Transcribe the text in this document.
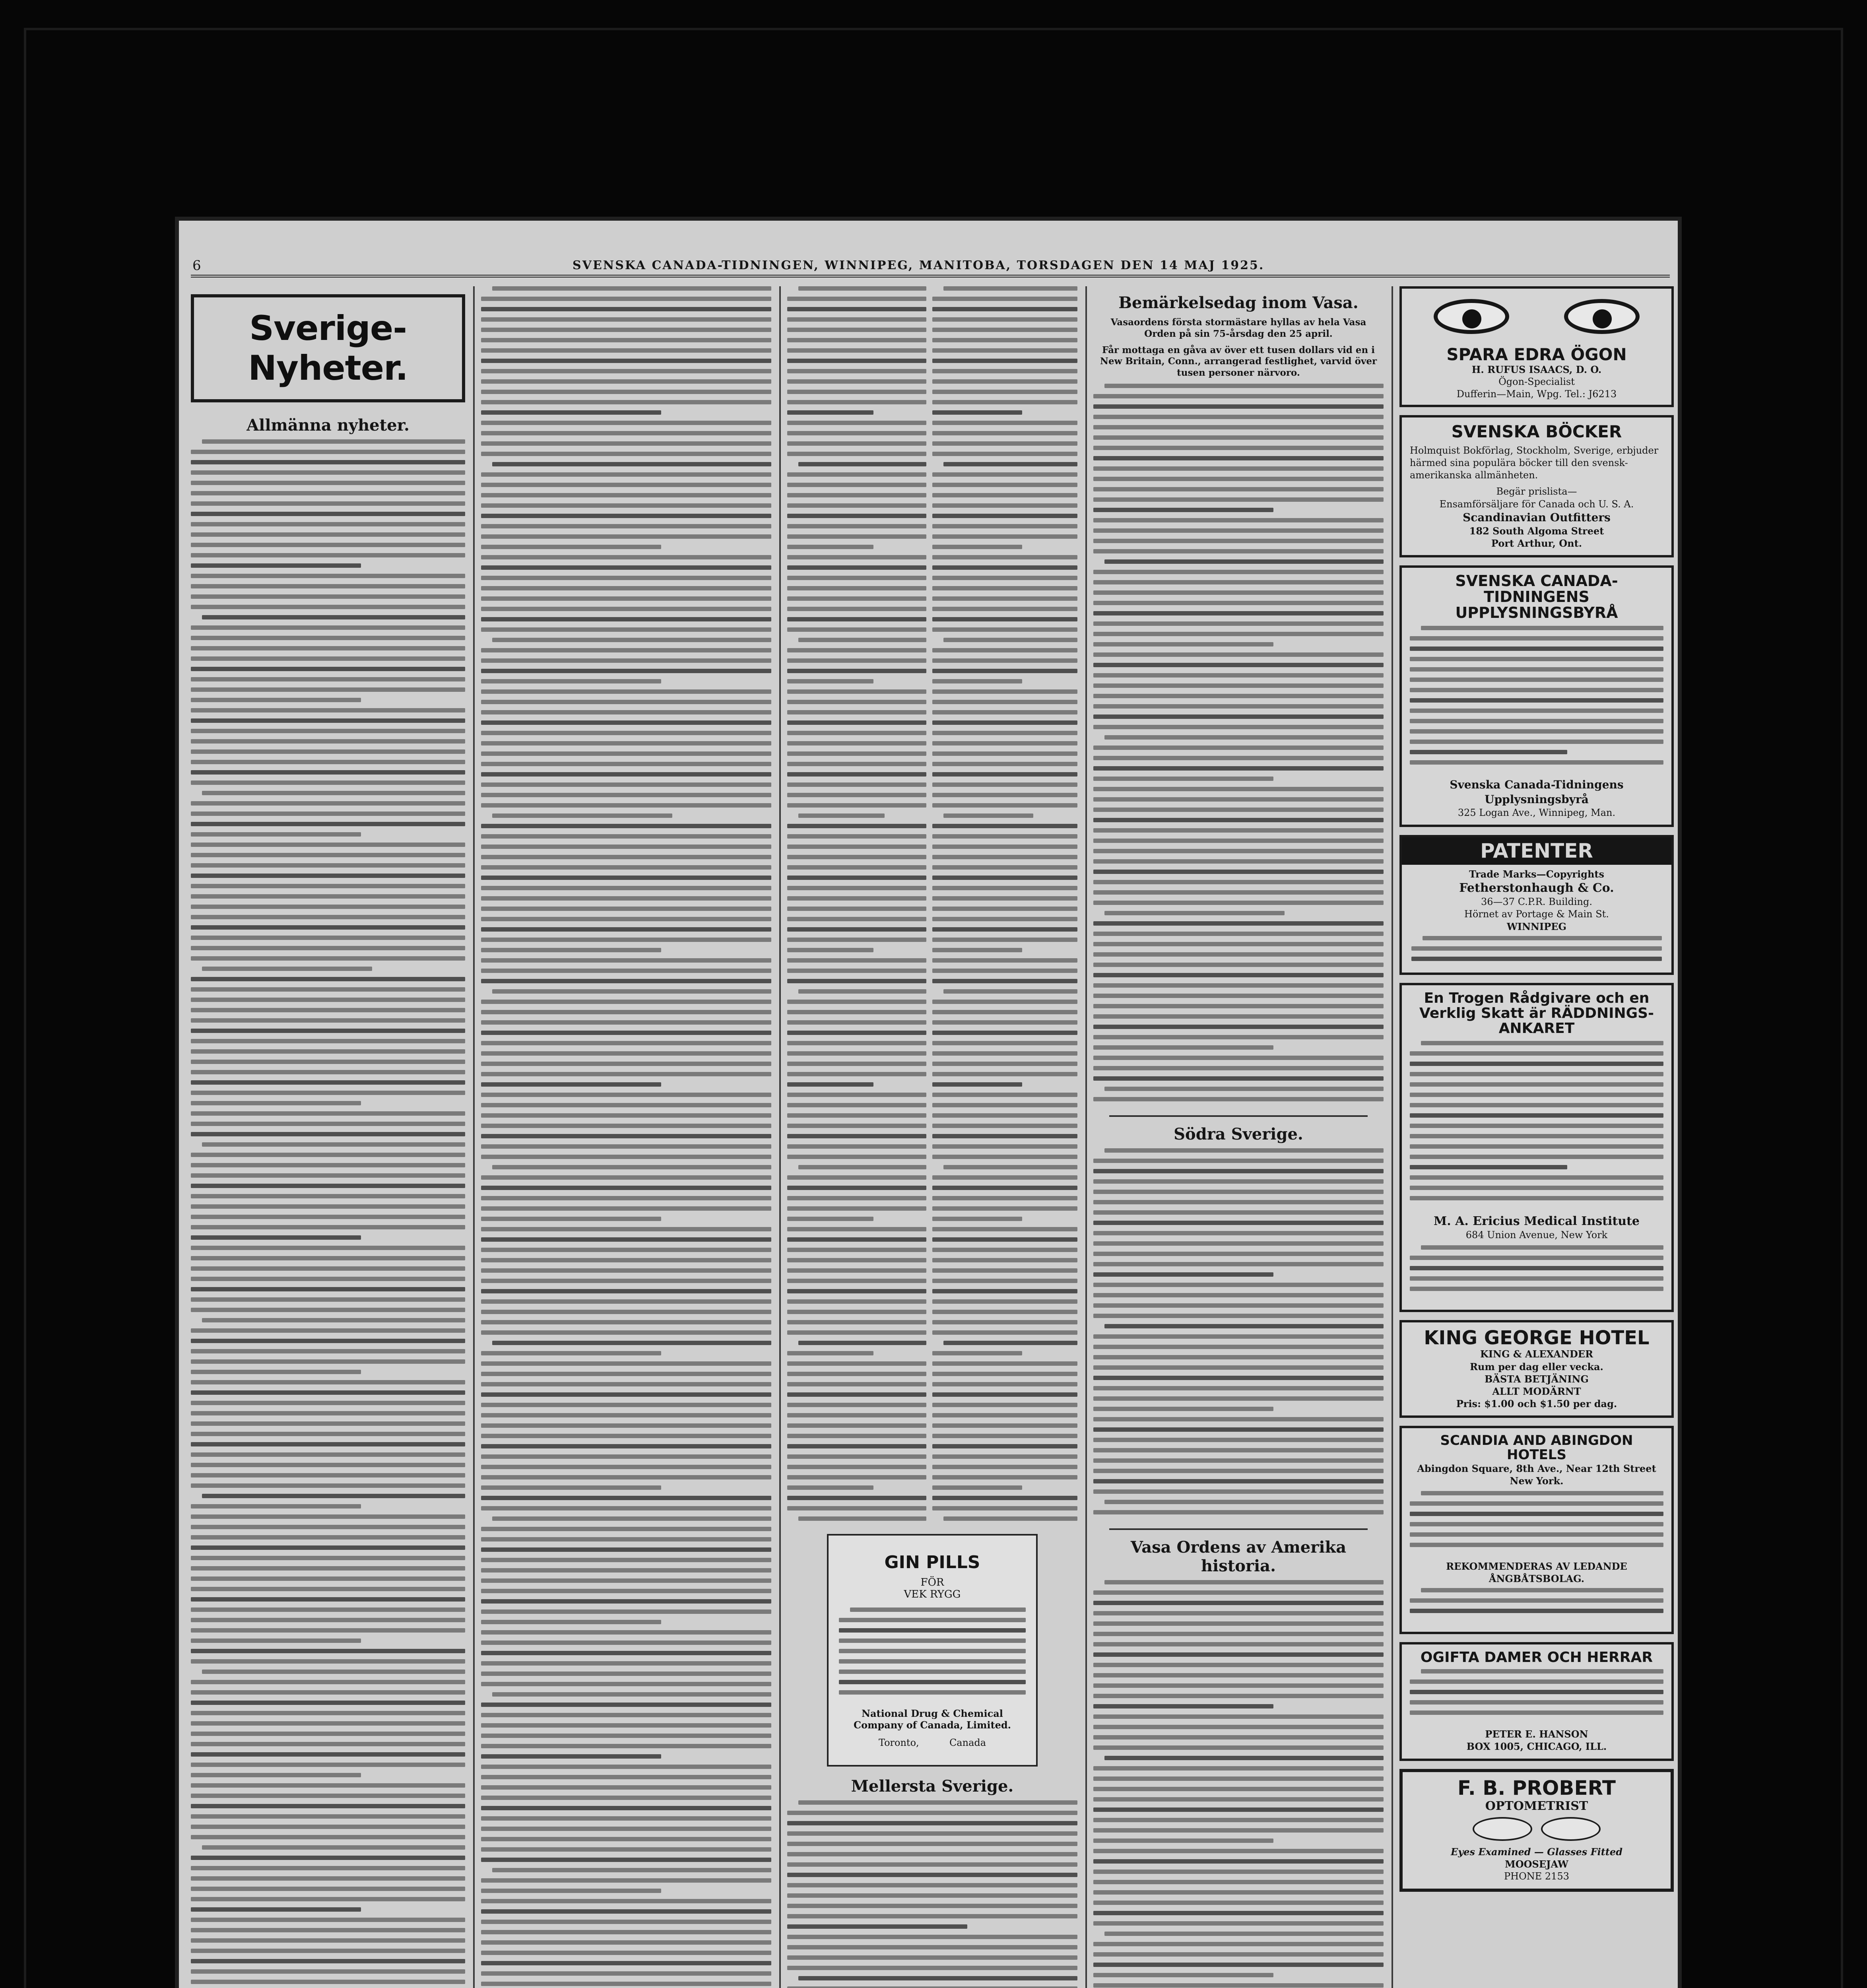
6	SVENSKA CANADA-TIDNINGEN, WINNIPEG, MANITOBA, TORSDAGEN DEN 14 MAJ 1925.
Sverige-Nyheter.
Allmänna nyheter.
GIN PILLS
FÖR
VEK RYGG
National Drug & Chemical Company of Canada, Limited.
Toronto,          Canada
Mellersta Sverige.
Bemärkelsedag inom Vasa.
Vasaordens första stormästare hyllas av hela Vasa Orden på sin 75-årsdag den 25 april.
Får mottaga en gåva av över ett tusen dollars vid en i New Britain, Conn., arrangerad festlighet, varvid över tusen personer närvoro.
Södra Sverige.
Vasa Ordens av Amerika historia.
SPARA EDRA ÖGON
H. RUFUS ISAACS, D. O.
Ögon-Specialist
Dufferin—Main, Wpg. Tel.: J6213
SVENSKA BÖCKER
Holmquist Bokförlag, Stockholm, Sverige, erbjuder härmed sina populära böcker till den svensk-amerikanska allmänheten.
Begär prislista—
Ensamförsäljare för Canada och U. S. A.
Scandinavian Outfitters
182 South Algoma Street
Port Arthur, Ont.
SVENSKA CANADA-TIDNINGENS UPPLYSNINGSBYRÅ
Svenska Canada-Tidningens Upplysningsbyrå
325 Logan Ave., Winnipeg, Man.
PATENTER
Trade Marks—Copyrights
Fetherstonhaugh & Co.
36—37 C.P.R. Building.
Hörnet av Portage & Main St.
WINNIPEG
En Trogen Rådgivare och en Verklig Skatt är RÄDDNINGS-ANKARET
M. A. Ericius Medical Institute
684 Union Avenue, New York
KING GEORGE HOTEL
KING & ALEXANDER
Rum per dag eller vecka.
BÄSTA BETJÄNING
ALLT MODÄRNT
Pris: $1.00 och $1.50 per dag.
SCANDIA AND ABINGDON HOTELS
Abingdon Square, 8th Ave., Near 12th Street New York.
REKOMMENDERAS AV LEDANDE ÅNGBÅTSBOLAG.
OGIFTA DAMER OCH HERRAR
PETER E. HANSON
BOX 1005, CHICAGO, ILL.
F. B. PROBERT
OPTOMETRIST

Eyes Examined — Glasses Fitted
MOOSEJAW
PHONE 2153
